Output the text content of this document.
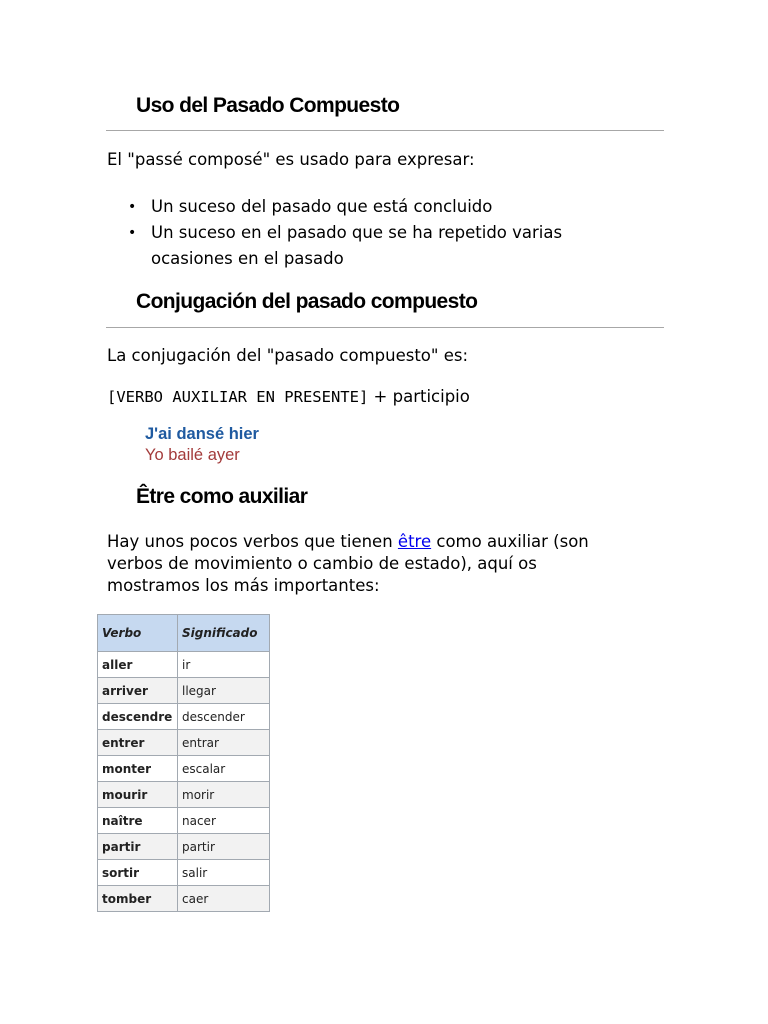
Uso del Pasado Compuesto

El "passé composé" es usado para expresar:

• Un suceso del pasado que está concluido
• Un suceso en el pasado que se ha repetido varias ocasiones en el pasado
Conjugación del pasado compuesto

La conjugación del "pasado compuesto" es:

[VERBO AUXILIAR EN PRESENTE] + participio

J'ai dansé hier
Yo bailé ayer
Être como auxiliar

Hay unos pocos verbos que tienen être como auxiliar (son

verbos de movimiento o cambio de estado), aquí os

mostramos los más importantes:

Verbo	Significado
aller	ir
arriver	llegar
descendre	descender
entrer	entrar
monter	escalar
mourir	morir
naître	nacer
partir	partir
sortir	salir
tomber	caer
